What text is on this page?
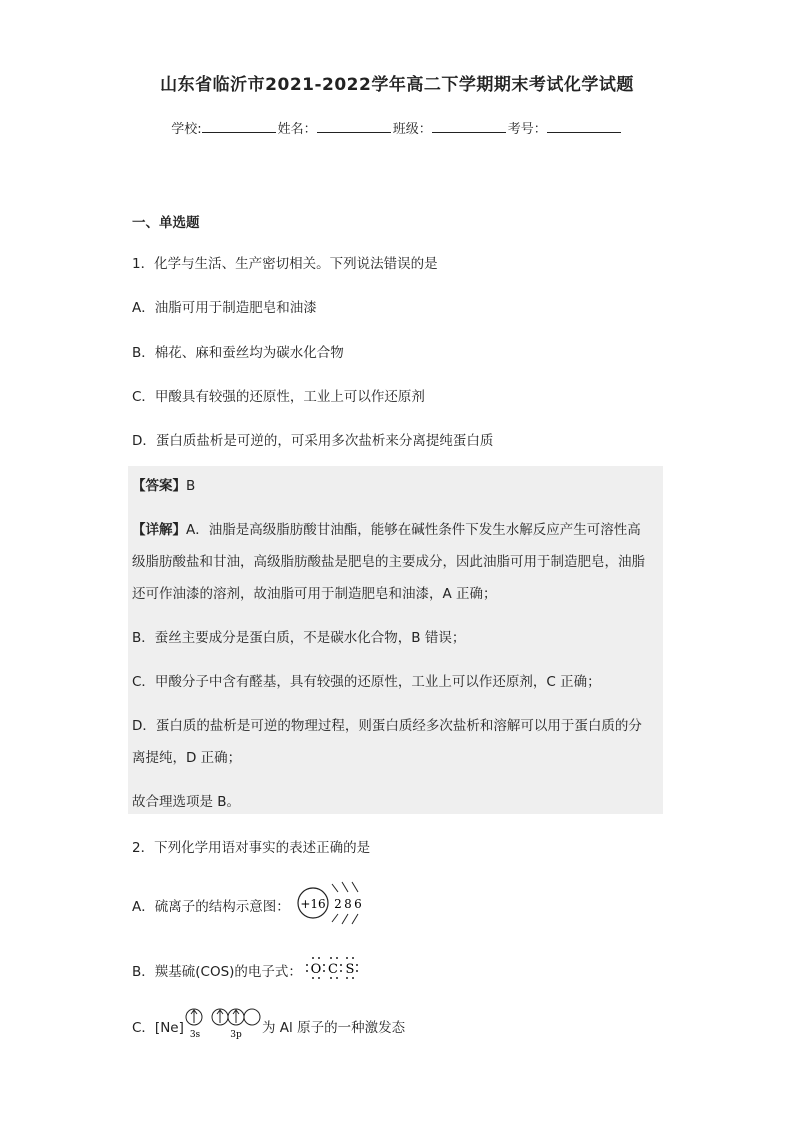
山东省临沂市2021-2022学年高二下学期期末考试化学试题
学校:	姓名：	班级：	考号：
一、单选题
1．化学与生活、生产密切相关。下列说法错误的是
A．油脂可用于制造肥皂和油漆
B．棉花、麻和蚕丝均为碳水化合物
C．甲酸具有较强的还原性，工业上可以作还原剂
D．蛋白质盐析是可逆的，可采用多次盐析来分离提纯蛋白质
【答案】B
【详解】A．油脂是高级脂肪酸甘油酯，能够在碱性条件下发生水解反应产生可溶性高
级脂肪酸盐和甘油，高级脂肪酸盐是肥皂的主要成分，因此油脂可用于制造肥皂，油脂
还可作油漆的溶剂，故油脂可用于制造肥皂和油漆，A 正确；
B．蚕丝主要成分是蛋白质，不是碳水化合物，B 错误；
C．甲酸分子中含有醛基，具有较强的还原性，工业上可以作还原剂，C 正确；
D．蛋白质的盐析是可逆的物理过程，则蛋白质经多次盐析和溶解可以用于蛋白质的分
离提纯，D 正确；
故合理选项是 B。
2．下列化学用语对事实的表述正确的是
A．硫离子的结构示意图： +16 2 8 6
B．羰基硫(COS)的电子式： O C S
C．[Ne] 3s	3p 为 Al 原子的一种激发态
